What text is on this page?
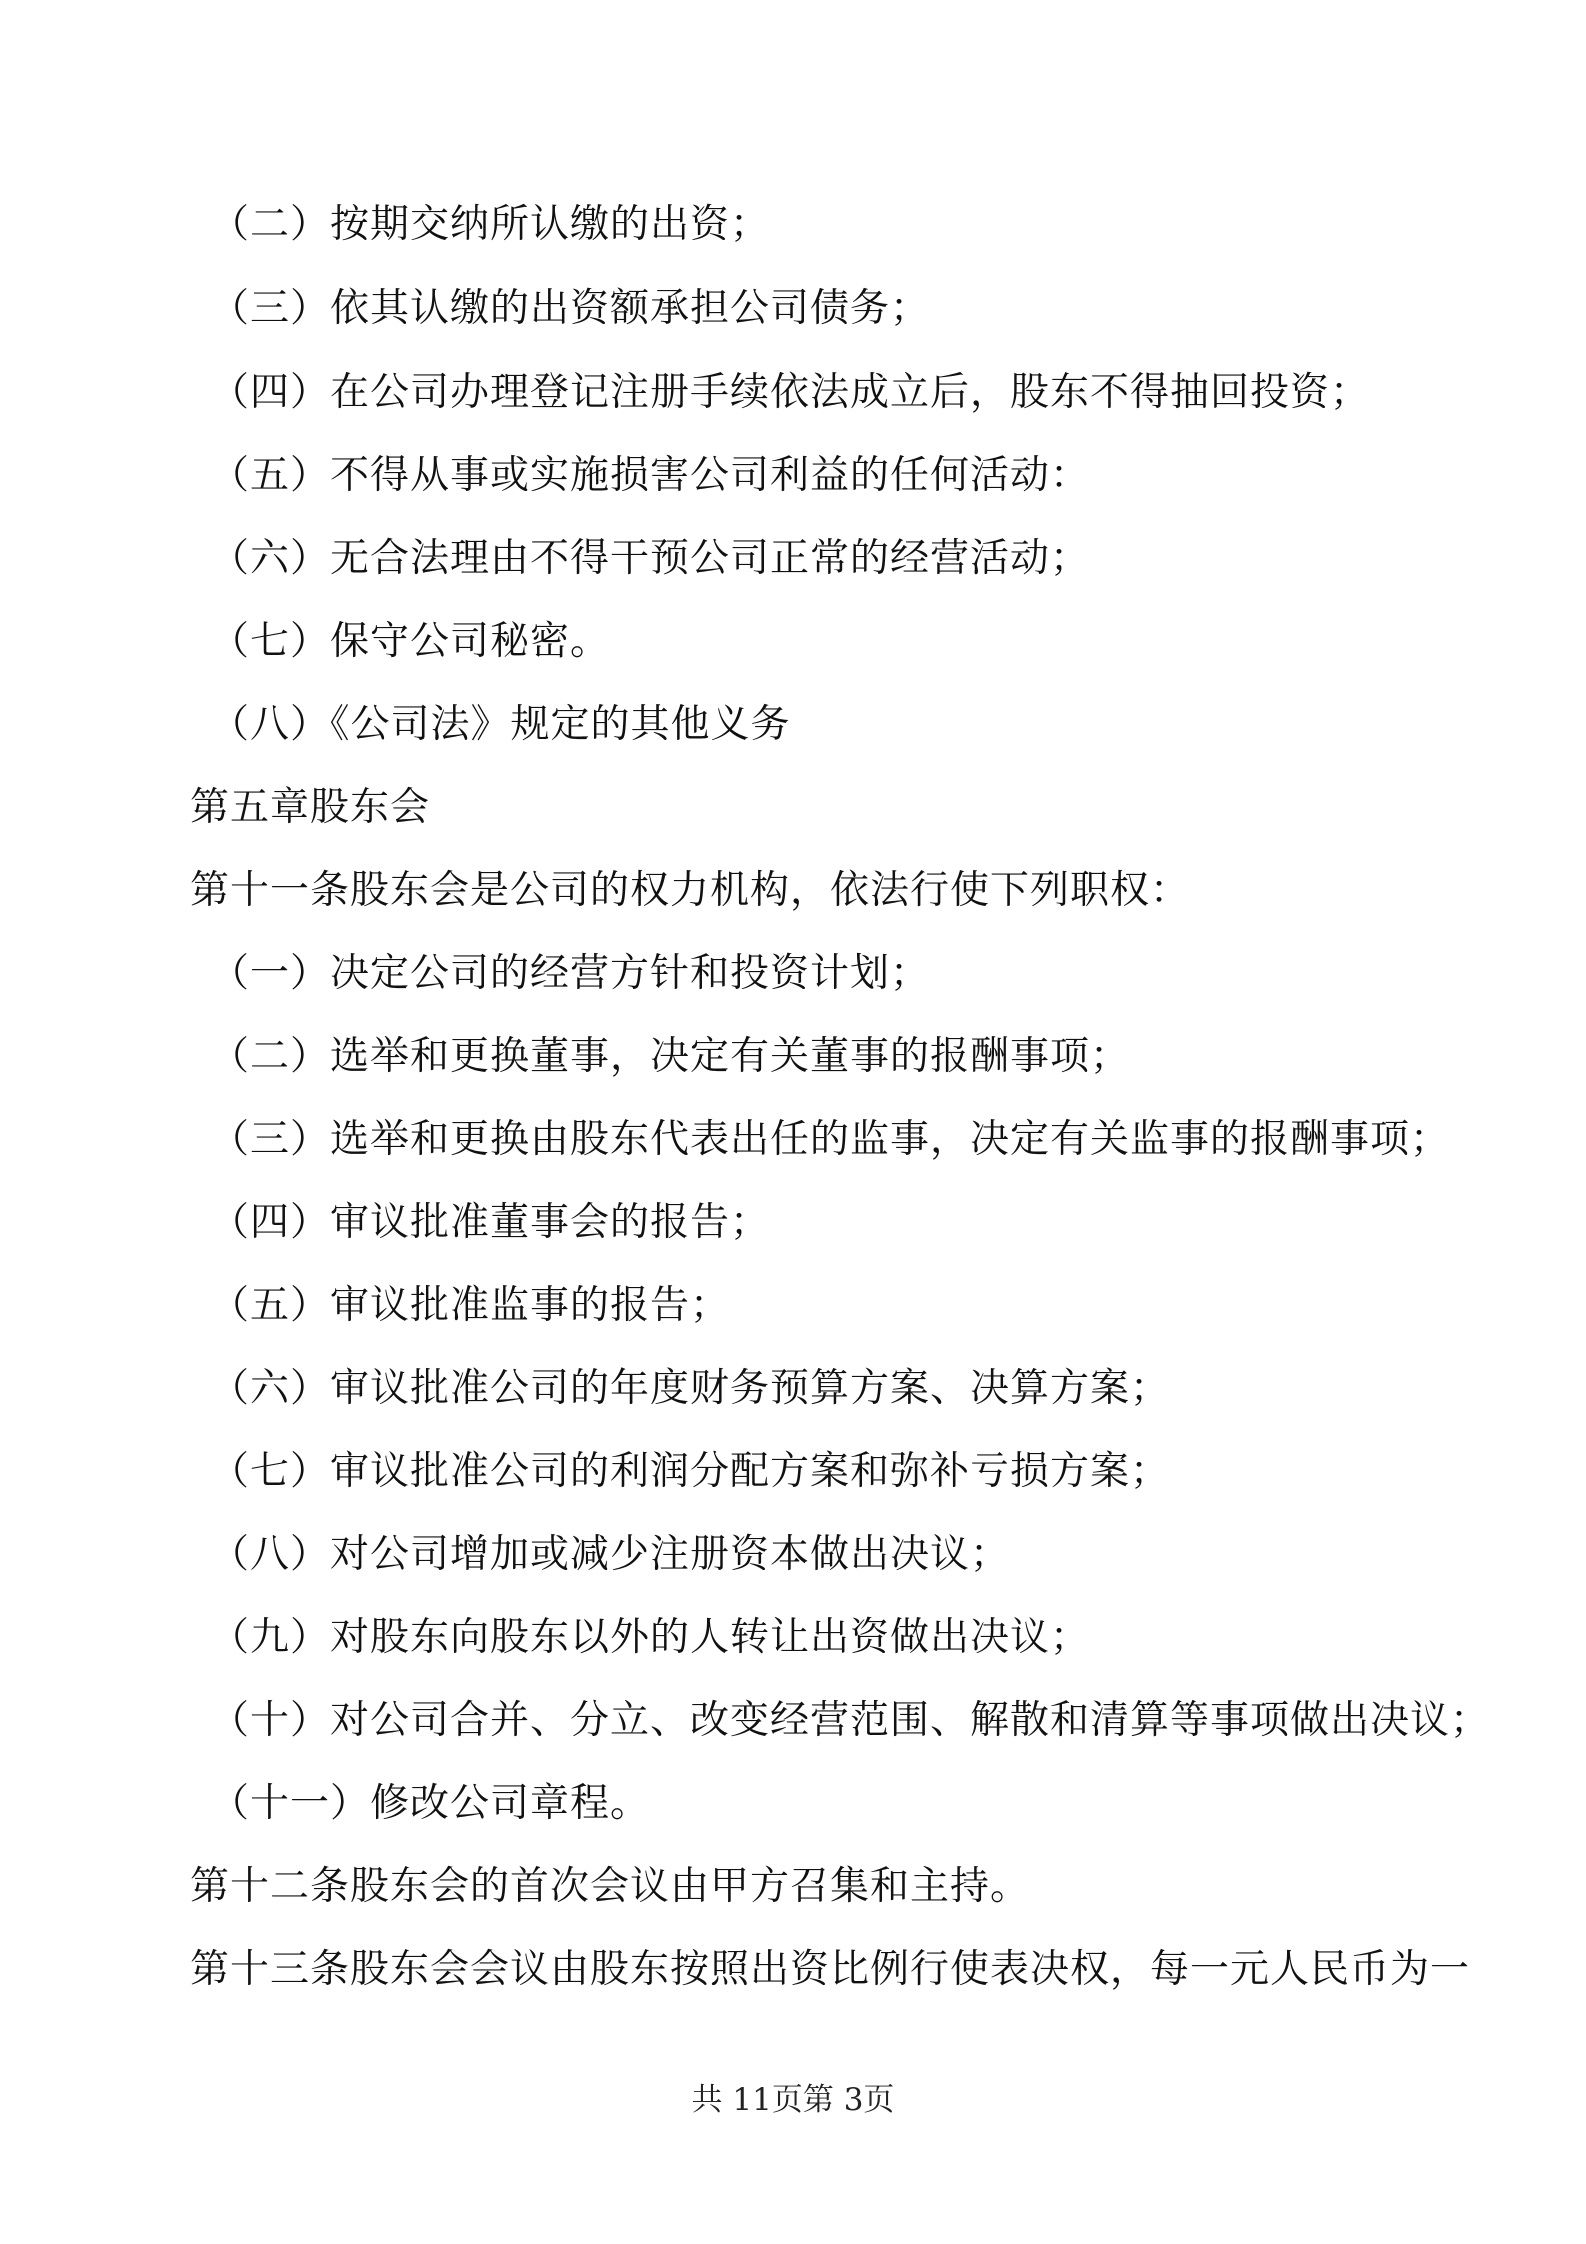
（二）按期交纳所认缴的出资；

（三）依其认缴的出资额承担公司债务；

（四）在公司办理登记注册手续依法成立后，股东不得抽回投资；

（五）不得从事或实施损害公司利益的任何活动：

（六）无合法理由不得干预公司正常的经营活动；

（七）保守公司秘密。

（八）《公司法》规定的其他义务

第五章股东会

第十一条股东会是公司的权力机构，依法行使下列职权：

（一）决定公司的经营方针和投资计划；

（二）选举和更换董事，决定有关董事的报酬事项；

（三）选举和更换由股东代表出任的监事，决定有关监事的报酬事项；

（四）审议批准董事会的报告；

（五）审议批准监事的报告；

（六）审议批准公司的年度财务预算方案、决算方案；

（七）审议批准公司的利润分配方案和弥补亏损方案；

（八）对公司增加或减少注册资本做出决议；

（九）对股东向股东以外的人转让出资做出决议；

（十）对公司合并、分立、改变经营范围、解散和清算等事项做出决议；

（十一）修改公司章程。

第十二条股东会的首次会议由甲方召集和主持。

第十三条股东会会议由股东按照出资比例行使表决权，每一元人民币为一

共 11页第 3页
